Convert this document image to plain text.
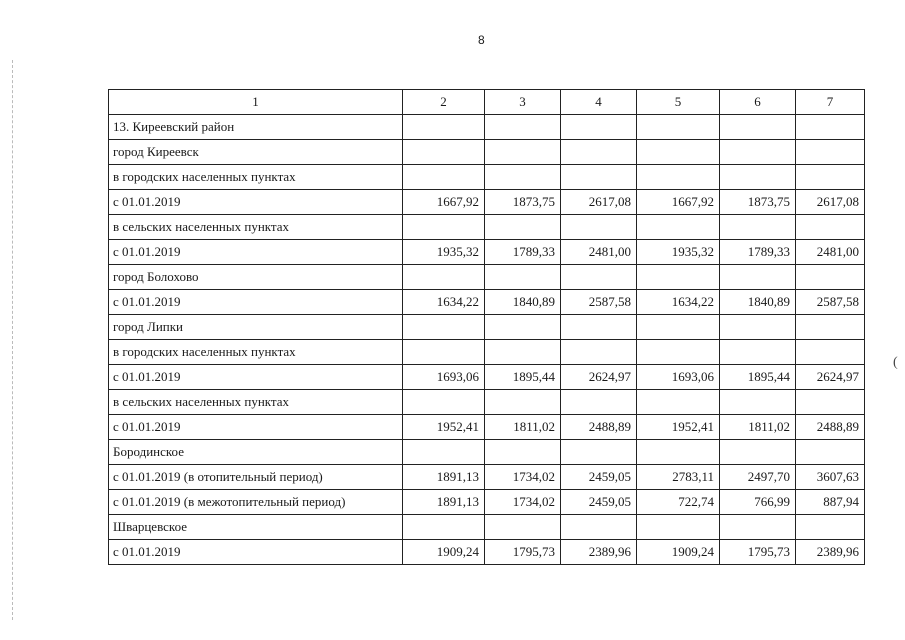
8
(
1	2	3	4	5	6	7
13. Киреевский район						
город Киреевск						
в городских населенных пунктах						
с 01.01.2019	1667,92	1873,75	2617,08	1667,92	1873,75	2617,08
в сельских населенных пунктах						
с 01.01.2019	1935,32	1789,33	2481,00	1935,32	1789,33	2481,00
город Болохово						
с 01.01.2019	1634,22	1840,89	2587,58	1634,22	1840,89	2587,58
город Липки						
в городских населенных пунктах						
с 01.01.2019	1693,06	1895,44	2624,97	1693,06	1895,44	2624,97
в сельских населенных пунктах						
с 01.01.2019	1952,41	1811,02	2488,89	1952,41	1811,02	2488,89
Бородинское						
с 01.01.2019 (в отопительный период)	1891,13	1734,02	2459,05	2783,11	2497,70	3607,63
с 01.01.2019 (в межотопительный период)	1891,13	1734,02	2459,05	722,74	766,99	887,94
Шварцевское						
с 01.01.2019	1909,24	1795,73	2389,96	1909,24	1795,73	2389,96
